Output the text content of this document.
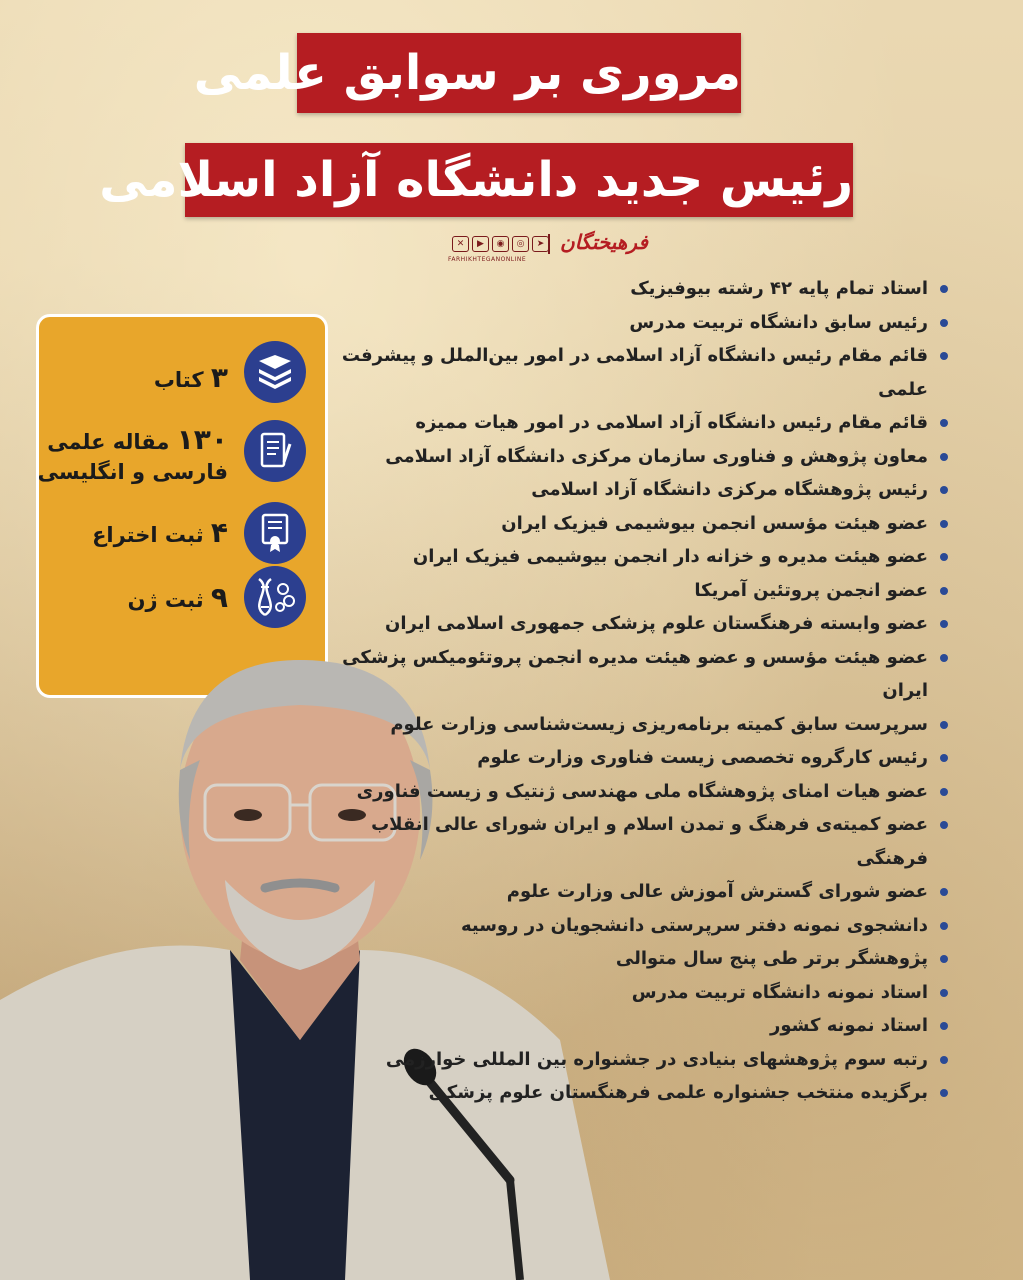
مروری بر سوابق علمی
رئیس جدید دانشگاه آزاد اسلامی
✕	▶	◉	◎	➤
FARHIKHTEGANONLINE
فرهیختگان
۳ کتاب
۱۳۰ مقاله علمی
فارسی و انگلیسی
۴ ثبت اختراع
۹ ثبت ژن
استاد تمام پایه ۴۲ رشته بیوفیزیک
رئیس سابق دانشگاه تربیت مدرس
قائم مقام رئیس دانشگاه آزاد اسلامی در امور بین‌الملل و پیشرفت علمی
قائم مقام رئیس دانشگاه آزاد اسلامی در امور هیات ممیزه
معاون پژوهش و فناوری سازمان مرکزی دانشگاه آزاد اسلامی
رئیس پژوهشگاه مرکزی دانشگاه آزاد اسلامی
عضو هیئت مؤسس انجمن بیوشیمی فیزیک ایران
عضو هیئت مدیره و خزانه دار انجمن بیوشیمی فیزیک ایران
عضو انجمن پروتئین آمریکا
عضو وابسته فرهنگستان علوم پزشکی جمهوری اسلامی ایران
عضو هیئت مؤسس و عضو هیئت مدیره انجمن پروتئومیکس پزشکی ایران
سرپرست سابق کمیته برنامه‌ریزی زیست‌شناسی وزارت علوم
رئیس کارگروه تخصصی زیست فناوری وزارت علوم
عضو هیات امنای پژوهشگاه ملی مهندسی ژنتیک و زیست فناوری
عضو کمیته‌ی فرهنگ و تمدن اسلام و ایران شورای عالی انقلاب فرهنگی
عضو شورای گسترش آموزش عالی وزارت علوم
دانشجوی نمونه دفتر سرپرستی دانشجویان در روسیه
پژوهشگر برتر طی پنج سال متوالی
استاد نمونه دانشگاه تربیت مدرس
استاد نمونه کشور
رتبه سوم پژوهشهای بنیادی در جشنواره بین المللی خوارزمی
برگزیده منتخب جشنواره علمی فرهنگستان علوم پزشکی
